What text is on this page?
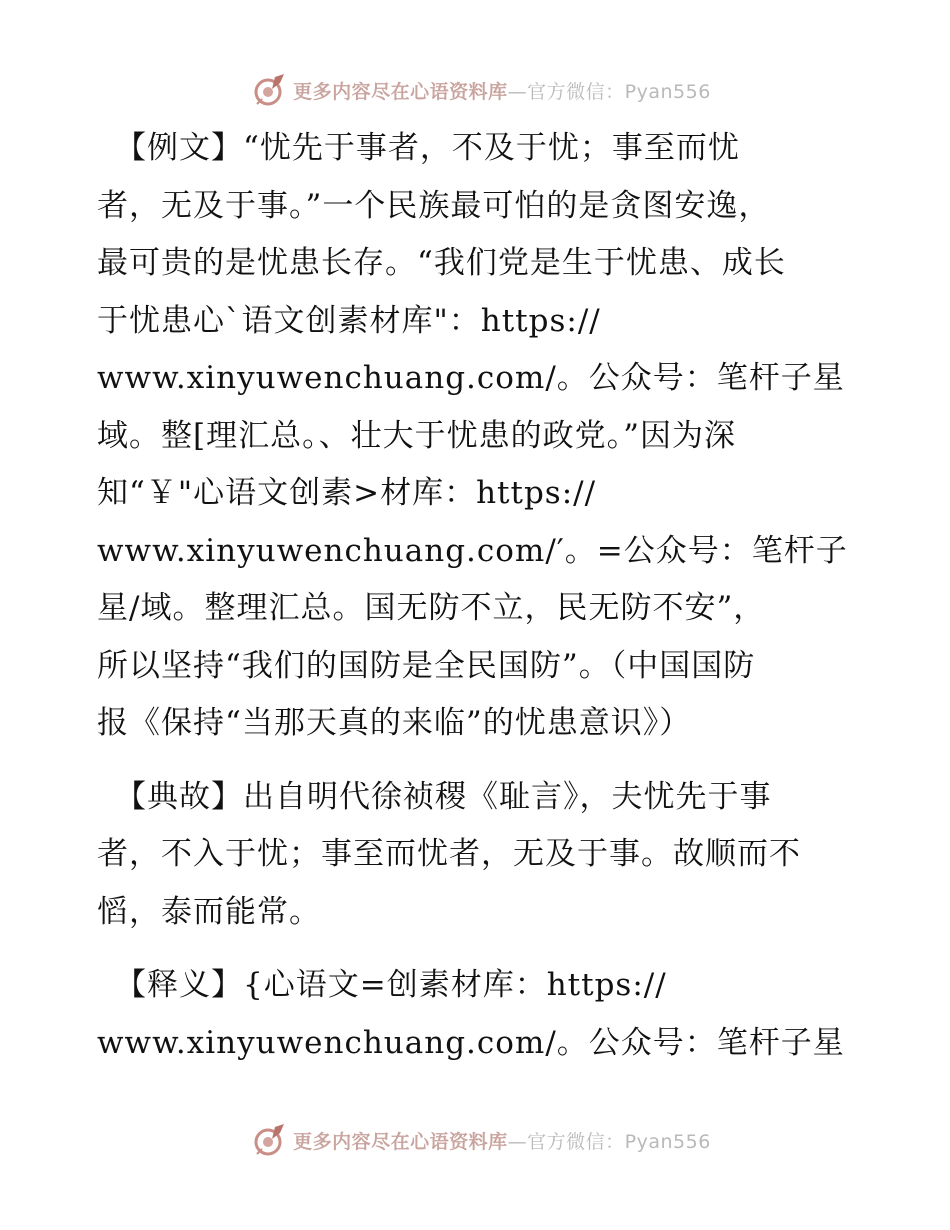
更多内容尽在心语资料库—官方微信：Pyan556

【例文】“忧先于事者，不及于忧；事至而忧
者，无及于事。”一个民族最可怕的是贪图安逸，
最可贵的是忧患长存。“我们党是生于忧患、成长
于忧患心`语文创素材库"：https://
www.xinyuwenchuang.com/。公众号：笔杆子星
域。整[理汇总。、壮大于忧患的政党。”因为深
知“￥"心语文创素>材库：https://
www.xinyuwenchuang.com/′。=公众号：笔杆子
星/域。整理汇总。国无防不立，民无防不安”，
所以坚持“我们的国防是全民国防”。（中国国防
报《保持“当那天真的来临”的忧患意识》）

【典故】出自明代徐祯稷《耻言》，夫忧先于事
者，不入于忧；事至而忧者，无及于事。故顺而不
慆，泰而能常。

【释义】{心语文=创素材库：https://
www.xinyuwenchuang.com/。公众号：笔杆子星

更多内容尽在心语资料库—官方微信：Pyan556
